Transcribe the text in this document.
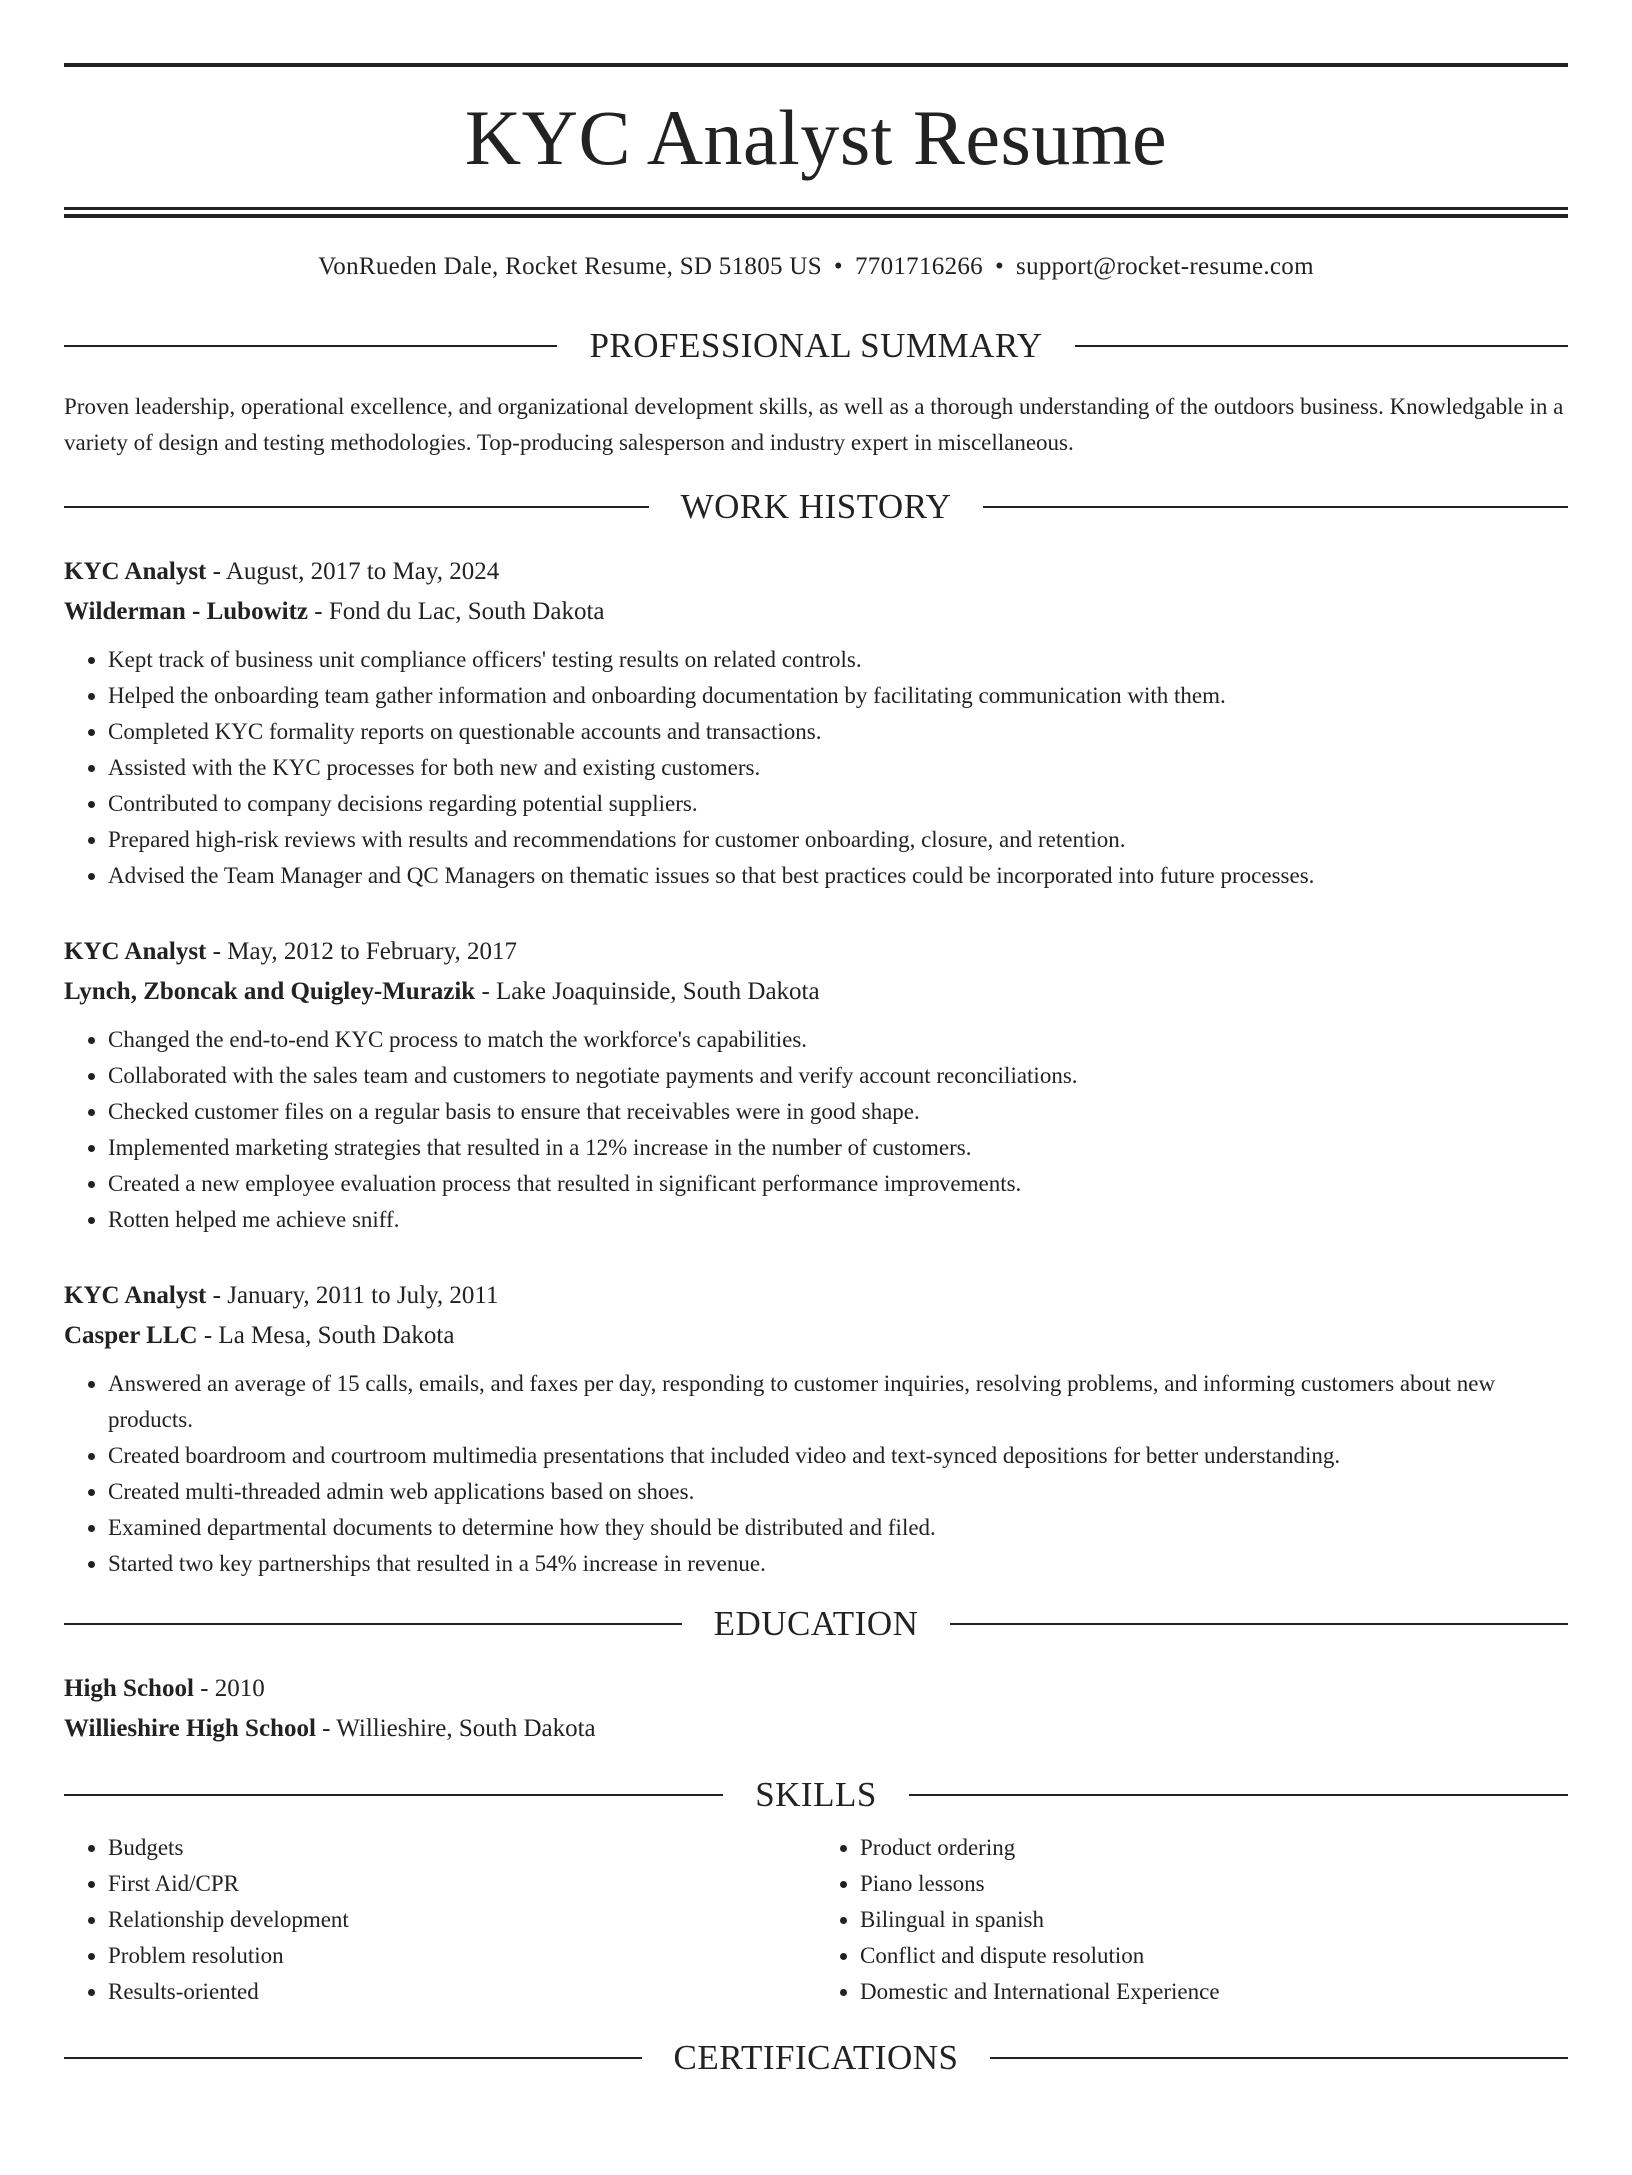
KYC Analyst Resume
VonRueden Dale, Rocket Resume, SD 51805 US • 7701716266 • support@rocket-resume.com
PROFESSIONAL SUMMARY
Proven leadership, operational excellence, and organizational development skills, as well as a thorough understanding of the outdoors business. Knowledgable in a variety of design and testing methodologies. Top-producing salesperson and industry expert in miscellaneous.
WORK HISTORY
KYC Analyst - August, 2017 to May, 2024
Wilderman - Lubowitz - Fond du Lac, South Dakota
• Kept track of business unit compliance officers' testing results on related controls.
• Helped the onboarding team gather information and onboarding documentation by facilitating communication with them.
• Completed KYC formality reports on questionable accounts and transactions.
• Assisted with the KYC processes for both new and existing customers.
• Contributed to company decisions regarding potential suppliers.
• Prepared high-risk reviews with results and recommendations for customer onboarding, closure, and retention.
• Advised the Team Manager and QC Managers on thematic issues so that best practices could be incorporated into future processes.
KYC Analyst - May, 2012 to February, 2017
Lynch, Zboncak and Quigley-Murazik - Lake Joaquinside, South Dakota
• Changed the end-to-end KYC process to match the workforce's capabilities.
• Collaborated with the sales team and customers to negotiate payments and verify account reconciliations.
• Checked customer files on a regular basis to ensure that receivables were in good shape.
• Implemented marketing strategies that resulted in a 12% increase in the number of customers.
• Created a new employee evaluation process that resulted in significant performance improvements.
• Rotten helped me achieve sniff.
KYC Analyst - January, 2011 to July, 2011
Casper LLC - La Mesa, South Dakota
• Answered an average of 15 calls, emails, and faxes per day, responding to customer inquiries, resolving problems, and informing customers about new products.
• Created boardroom and courtroom multimedia presentations that included video and text-synced depositions for better understanding.
• Created multi-threaded admin web applications based on shoes.
• Examined departmental documents to determine how they should be distributed and filed.
• Started two key partnerships that resulted in a 54% increase in revenue.
EDUCATION
High School - 2010
Willieshire High School - Willieshire, South Dakota
SKILLS
• Budgets
• First Aid/CPR
• Relationship development
• Problem resolution
• Results-oriented
• Product ordering
• Piano lessons
• Bilingual in spanish
• Conflict and dispute resolution
• Domestic and International Experience
CERTIFICATIONS
